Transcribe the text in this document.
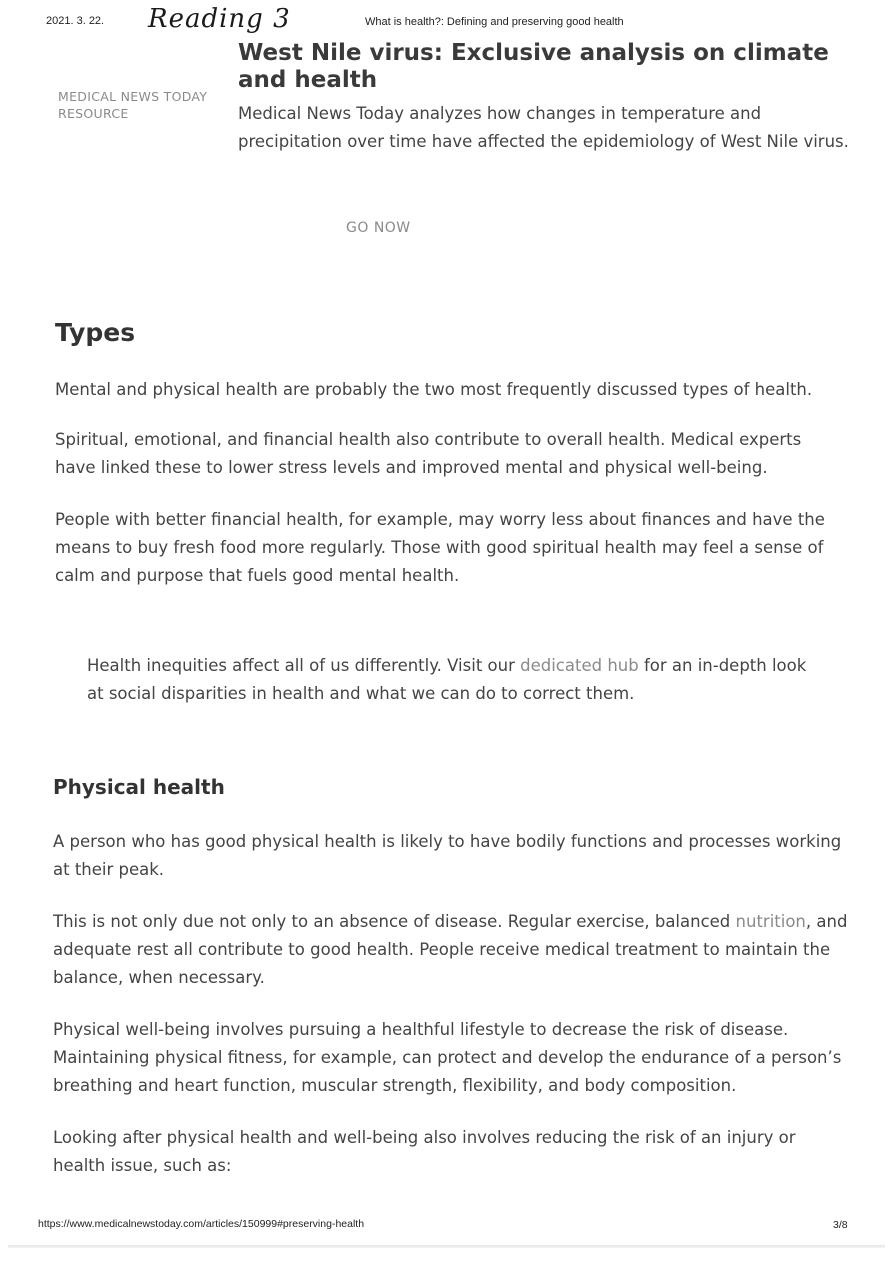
2021. 3. 22. Reading 3	What is health?: Defining and preserving good health
MEDICAL NEWS TODAY RESOURCE
West Nile virus: Exclusive analysis on climate and health
Medical News Today analyzes how changes in temperature and precipitation over time have affected the epidemiology of West Nile virus.
GO NOW
Types

Mental and physical health are probably the two most frequently discussed types of health.

Spiritual, emotional, and financial health also contribute to overall health. Medical experts have linked these to lower stress levels and improved mental and physical well-being.

People with better financial health, for example, may worry less about finances and have the means to buy fresh food more regularly. Those with good spiritual health may feel a sense of calm and purpose that fuels good mental health.

Health inequities affect all of us differently. Visit our dedicated hub for an in-depth look at social disparities in health and what we can do to correct them.

Physical health

A person who has good physical health is likely to have bodily functions and processes working at their peak.

This is not only due not only to an absence of disease. Regular exercise, balanced nutrition, and adequate rest all contribute to good health. People receive medical treatment to maintain the balance, when necessary.

Physical well-being involves pursuing a healthful lifestyle to decrease the risk of disease. Maintaining physical fitness, for example, can protect and develop the endurance of a person’s breathing and heart function, muscular strength, flexibility, and body composition.

Looking after physical health and well-being also involves reducing the risk of an injury or health issue, such as:

https://www.medicalnewstoday.com/articles/150999#preserving-health	3/8
